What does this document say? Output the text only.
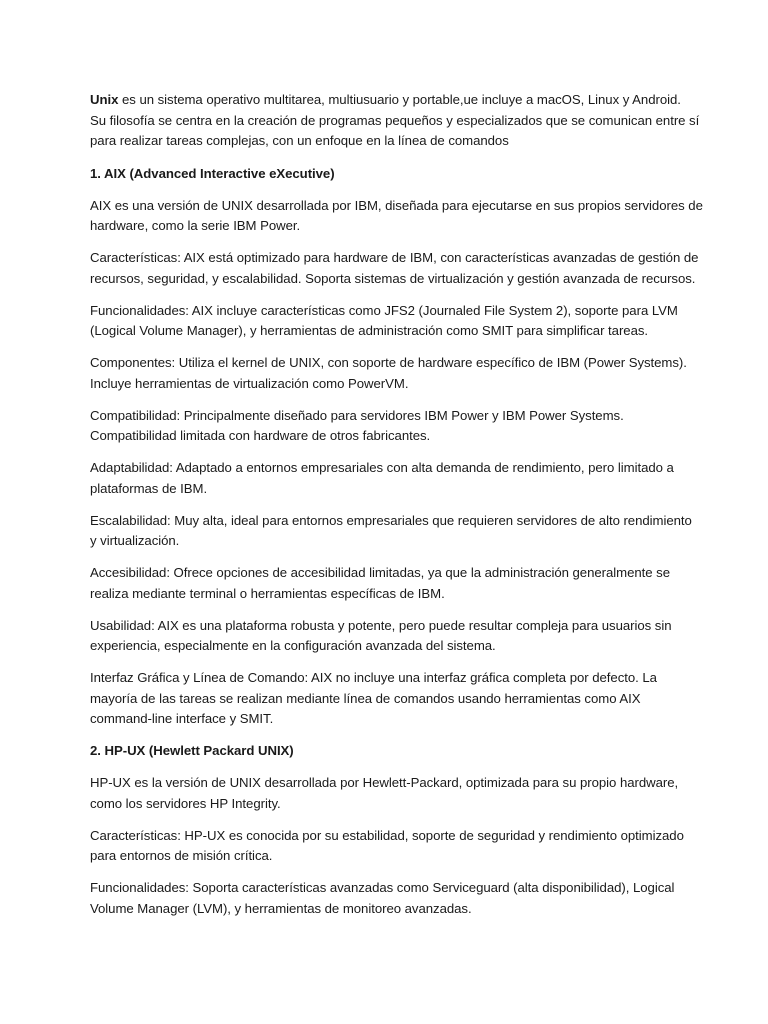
Unix es un sistema operativo multitarea, multiusuario y portable,ue incluye a macOS, Linux y Android.
Su filosofía se centra en la creación de programas pequeños y especializados que se comunican entre sí
para realizar tareas complejas, con un enfoque en la línea de comandos

1. AIX (Advanced Interactive eXecutive)

AIX es una versión de UNIX desarrollada por IBM, diseñada para ejecutarse en sus propios servidores de
hardware, como la serie IBM Power.

Características: AIX está optimizado para hardware de IBM, con características avanzadas de gestión de
recursos, seguridad, y escalabilidad. Soporta sistemas de virtualización y gestión avanzada de recursos.

Funcionalidades: AIX incluye características como JFS2 (Journaled File System 2), soporte para LVM
(Logical Volume Manager), y herramientas de administración como SMIT para simplificar tareas.

Componentes: Utiliza el kernel de UNIX, con soporte de hardware específico de IBM (Power Systems).
Incluye herramientas de virtualización como PowerVM.

Compatibilidad: Principalmente diseñado para servidores IBM Power y IBM Power Systems.
Compatibilidad limitada con hardware de otros fabricantes.

Adaptabilidad: Adaptado a entornos empresariales con alta demanda de rendimiento, pero limitado a
plataformas de IBM.

Escalabilidad: Muy alta, ideal para entornos empresariales que requieren servidores de alto rendimiento
y virtualización.

Accesibilidad: Ofrece opciones de accesibilidad limitadas, ya que la administración generalmente se
realiza mediante terminal o herramientas específicas de IBM.

Usabilidad: AIX es una plataforma robusta y potente, pero puede resultar compleja para usuarios sin
experiencia, especialmente en la configuración avanzada del sistema.

Interfaz Gráfica y Línea de Comando: AIX no incluye una interfaz gráfica completa por defecto. La
mayoría de las tareas se realizan mediante línea de comandos usando herramientas como AIX
command-line interface y SMIT.

2. HP-UX (Hewlett Packard UNIX)

HP-UX es la versión de UNIX desarrollada por Hewlett-Packard, optimizada para su propio hardware,
como los servidores HP Integrity.

Características: HP-UX es conocida por su estabilidad, soporte de seguridad y rendimiento optimizado
para entornos de misión crítica.

Funcionalidades: Soporta características avanzadas como Serviceguard (alta disponibilidad), Logical
Volume Manager (LVM), y herramientas de monitoreo avanzadas.
